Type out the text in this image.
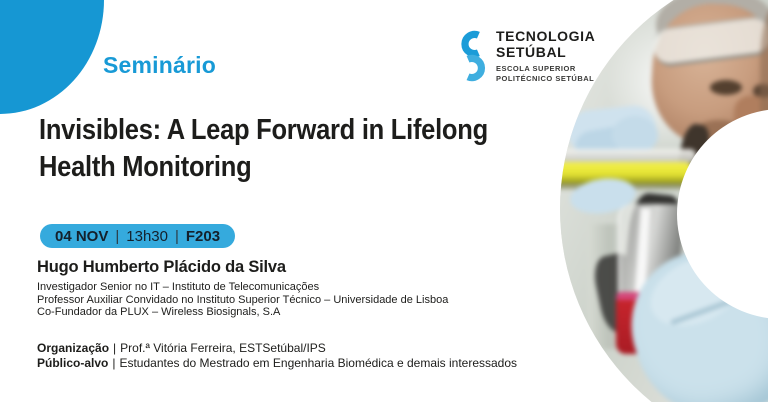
Seminário
TECNOLOGIA
SETÚBAL
ESCOLA SUPERIOR
POLITÉCNICO SETÚBAL
Invisibles: A Leap Forward in Lifelong
Health Monitoring
04 NOV | 13h30 | F203
Hugo Humberto Plácido da Silva
Investigador Senior no IT – Instituto de Telecomunicações
Professor Auxiliar Convidado no Instituto Superior Técnico – Universidade de Lisboa
Co-Fundador da PLUX – Wireless Biosignals, S.A
Organização | Prof.ª Vitória Ferreira, ESTSetúbal/IPS
Público-alvo | Estudantes do Mestrado em Engenharia Biomédica e demais interessados
